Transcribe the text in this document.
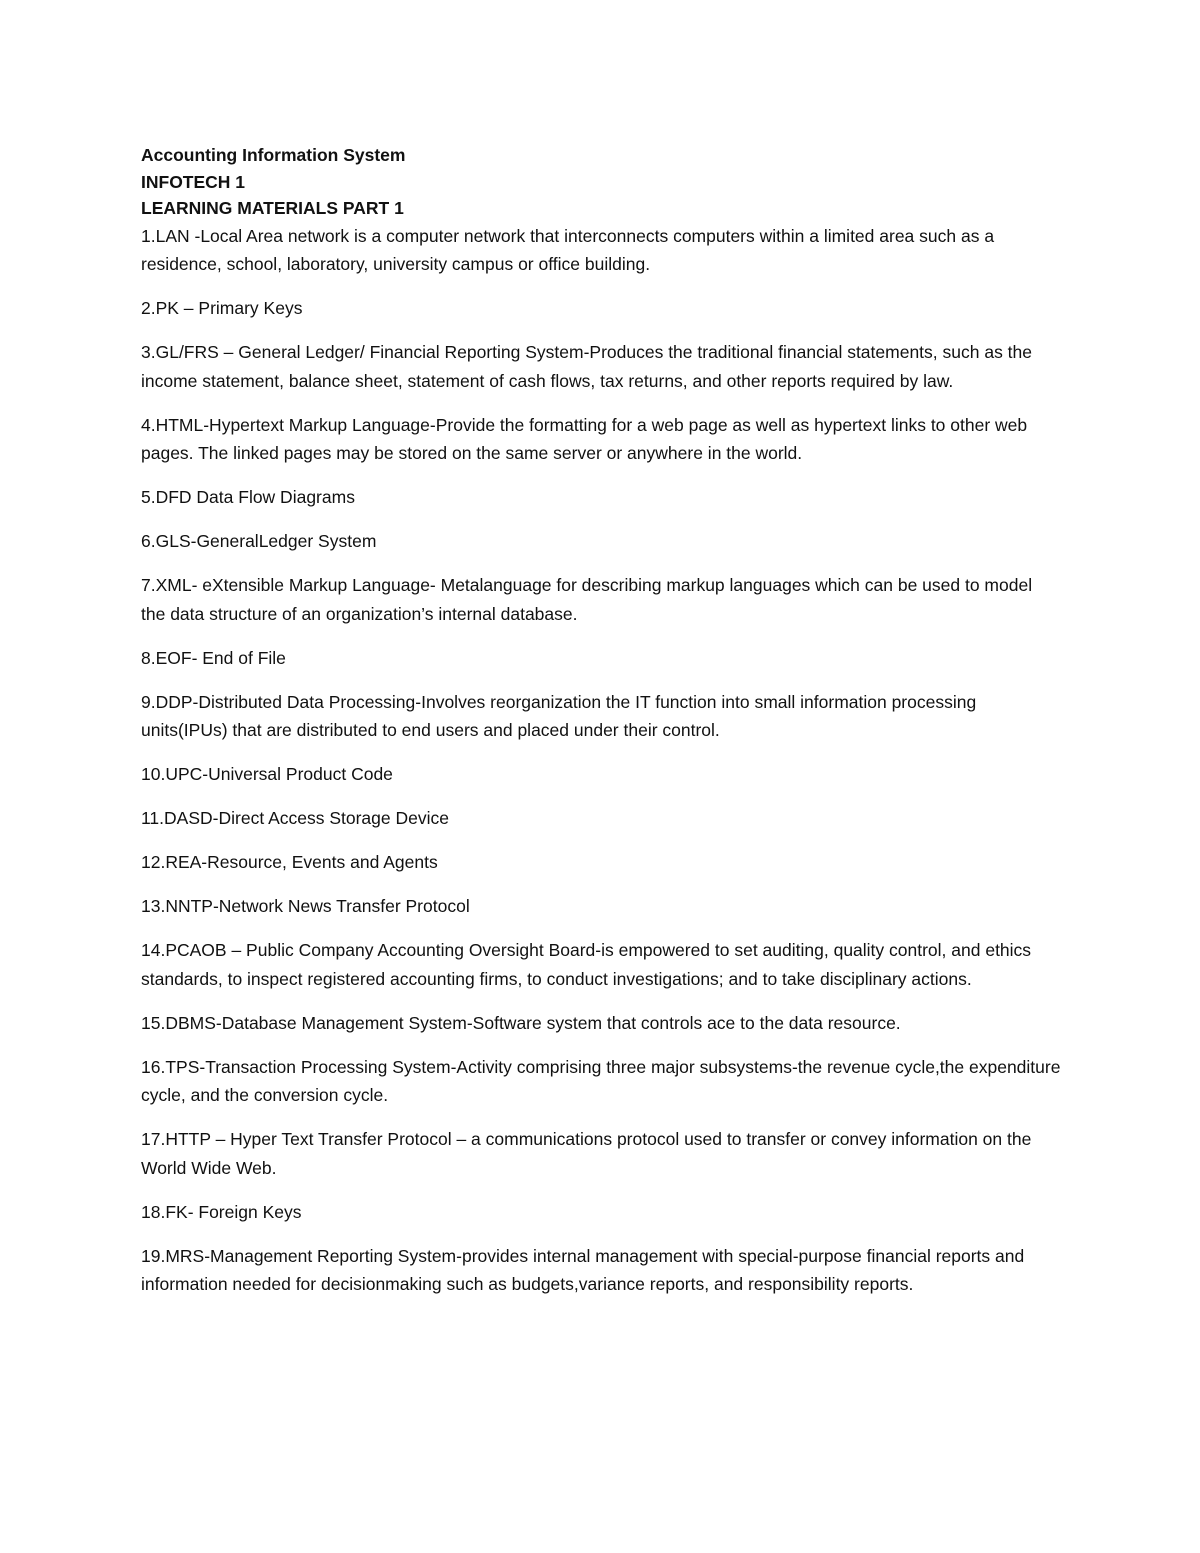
Accounting Information System

INFOTECH 1

LEARNING MATERIALS PART 1

1.LAN -Local Area network is a computer network that interconnects computers within a limited area such as a residence, school, laboratory, university campus or office building.

2.PK – Primary Keys

3.GL/FRS – General Ledger/ Financial Reporting System-Produces the traditional financial statements, such as the income statement, balance sheet, statement of cash flows, tax returns, and other reports required by law.

4.HTML-Hypertext Markup Language-Provide the formatting for a web page as well as hypertext links to other web pages. The linked pages may be stored on the same server or anywhere in the world.

5.DFD Data Flow Diagrams

6.GLS-GeneralLedger System

7.XML- eXtensible Markup Language- Metalanguage for describing markup languages which can be used to model the data structure of an organization’s internal database.

8.EOF- End of File

9.DDP-Distributed Data Processing-Involves reorganization the IT function into small information processing units(IPUs) that are distributed to end users and placed under their control.

10.UPC-Universal Product Code

11.DASD-Direct Access Storage Device

12.REA-Resource, Events and Agents

13.NNTP-Network News Transfer Protocol

14.PCAOB – Public Company Accounting Oversight Board-is empowered to set auditing, quality control, and ethics standards, to inspect registered accounting firms, to conduct investigations; and to take disciplinary actions.

15.DBMS-Database Management System-Software system that controls ace to the data resource.

16.TPS-Transaction Processing System-Activity comprising three major subsystems-the revenue cycle,the expenditure cycle, and the conversion cycle.

17.HTTP – Hyper Text Transfer Protocol – a communications protocol used to transfer or convey information on the World Wide Web.

18.FK- Foreign Keys

19.MRS-Management Reporting System-provides internal management with special-purpose financial reports and information needed for decisionmaking such as budgets,variance reports, and responsibility reports.
